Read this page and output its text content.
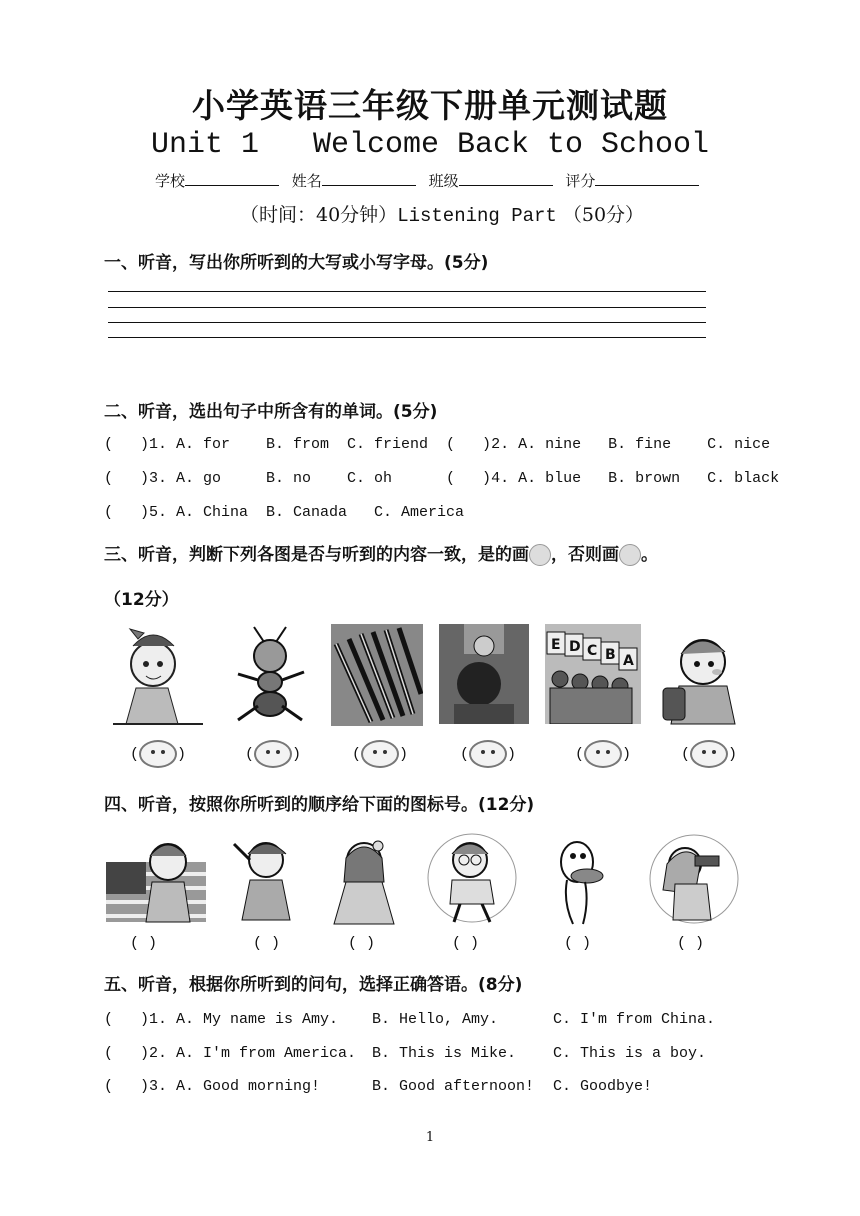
小学英语三年级下册单元测试题
Unit 1   Welcome Back to School
学校	姓名	班级	评分
（时间：40分钟）Listening Part （50分）
一、听音，写出你所听到的大写或小写字母。(5分)
二、听音，选出句子中所含有的单词。(5分)
(   )1. A. for    B. from  C. friend  (   )2. A. nine   B. fine    C. nice
(   )3. A. go     B. no    C. oh      (   )4. A. blue   B. brown   C. black
(   )5. A. China  B. Canada   C. America
三、听音，判断下列各图是否与听到的内容一致，是的画 ，否则画 。
（12分）
E D C B A
(	)	(	)	(	)	(	)	(	)	(	)
四、听音，按照你所听到的顺序给下面的图标号。(12分)
( )	( )	( )	( )	( )	( )
五、听音，根据你所听到的问句，选择正确答语。(8分)
(   )1. A. My name is Amy. B. Hello, Amy.	C. I'm from China.
(   )2. A. I'm from America. B. This is Mike. C. This is a boy.
(   )3. A. Good morning!	B. Good afternoon! C. Goodbye!
1
